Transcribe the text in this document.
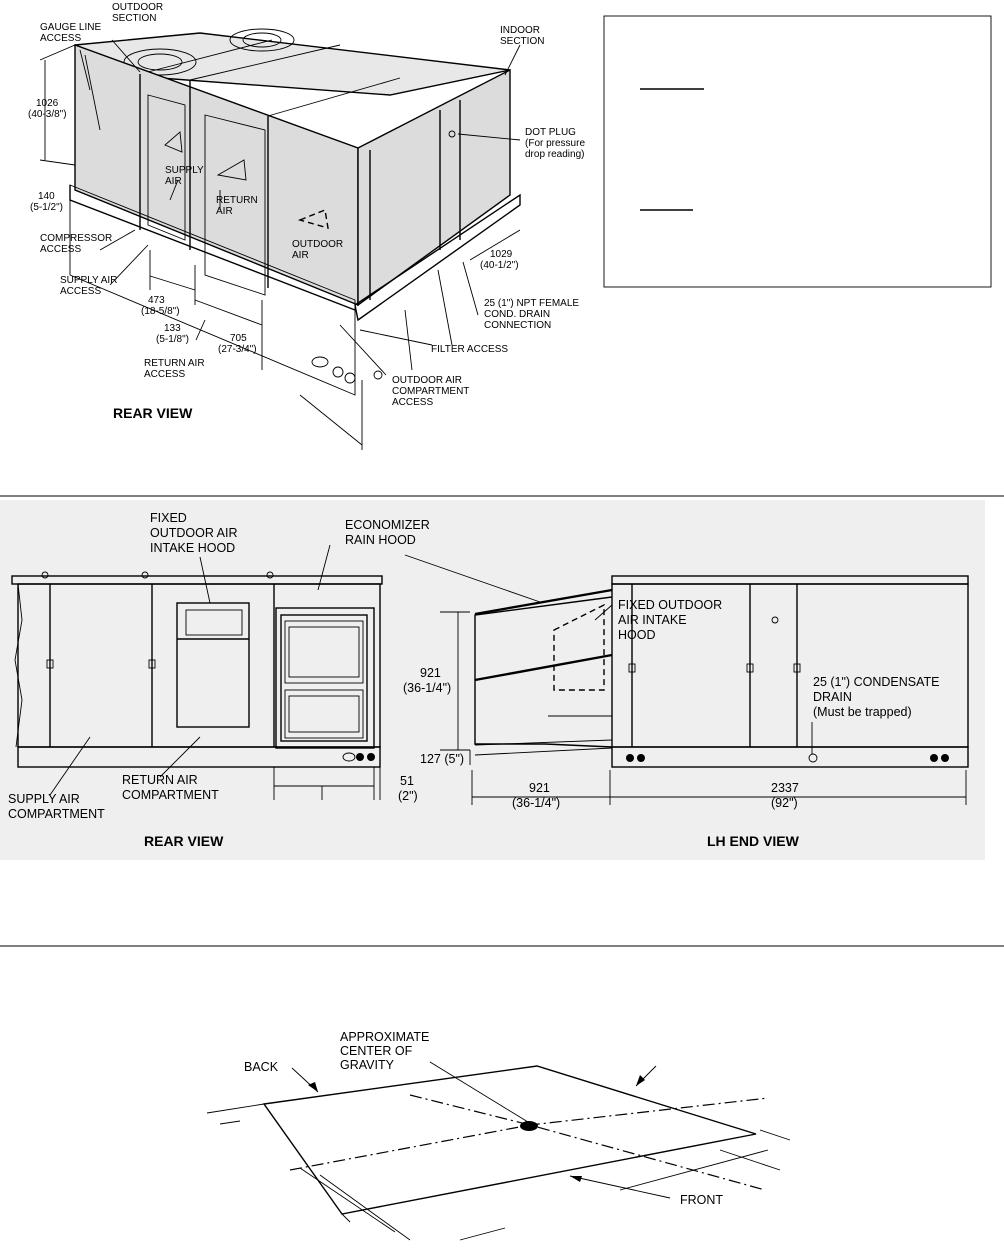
OUTDOOR SECTION
GAUGE LINE ACCESS
INDOOR SECTION
1026 (40-3/8")
DOT PLUG (For pressure drop reading)
SUPPLY AIR
RETURN AIR
140 (5-1/2")
COMPRESSOR ACCESS	OUTDOOR AIR	1029 (40-1/2")
SUPPLY AIR ACCESS
473 (18-5/8")
25 (1") NPT FEMALE COND. DRAIN CONNECTION
133 (5-1/8")	705 (27-3/4")	FILTER ACCESS
RETURN AIR ACCESS
OUTDOOR AIR COMPARTMENT ACCESS
REAR VIEW
FIXED OUTDOOR AIR INTAKE HOOD
ECONOMIZER RAIN HOOD
FIXED OUTDOOR AIR INTAKE HOOD
921 (36-1/4")	25 (1") CONDENSATE DRAIN (Must be trapped)
127 (5")
51 (2")
RETURN AIR COMPARTMENT
SUPPLY AIR COMPARTMENT
921 (36-1/4")
2337 (92")
REAR VIEW	LH END VIEW
APPROXIMATE CENTER OF GRAVITY
BACK
FRONT
